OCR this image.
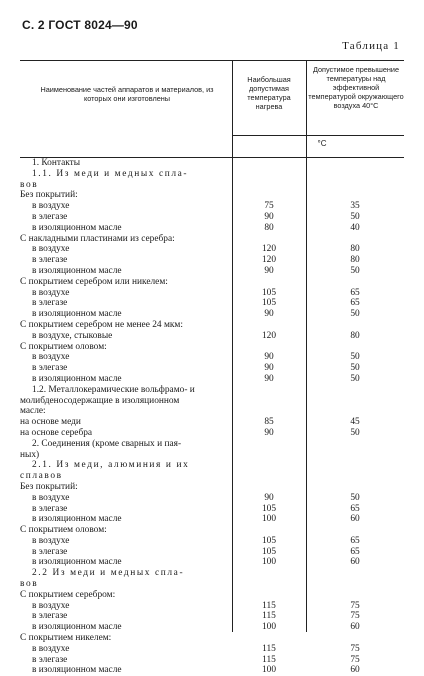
С. 2 ГОСТ 8024—90
Таблица 1
Наименование частей аппаратов и материалов, из которых они изготовлены
Наибольшая допустимая температура нагрева
Допустимое превышение температуры над эффективной температурой окружающего воздуха 40°С
°С
1. Контакты
1.1. Из меди и медных спла-
вов
Без покрытий:
в воздухе	75	35
в элегазе	90	50
в изоляционном масле	80	40
С накладными пластинами из серебра:
в воздухе	120	80
в элегазе	120	80
в изоляционном масле	90	50
С покрытием серебром или никелем:
в воздухе	105	65
в элегазе	105	65
в изоляционном масле	90	50
С покрытием серебром не менее 24 мкм:
в воздухе, стыковые	120	80
С покрытием оловом:
в воздухе	90	50
в элегазе	90	50
в изоляционном масле	90	50
1.2. Металлокерамические вольфрамо- и
молибденосодержащие в изоляционном
масле:
на основе меди	85	45
на основе серебра	90	50
2. Соединения (кроме сварных и пая-
ных)
2.1. Из меди, алюминия и их
сплавов
Без покрытий:
в воздухе	90	50
в элегазе	105	65
в изоляционном масле	100	60
С покрытием оловом:
в воздухе	105	65
в элегазе	105	65
в изоляционном масле	100	60
2.2 Из меди и медных спла-
вов
С покрытием серебром:
в воздухе	115	75
в элегазе	115	75
в изоляционном масле	100	60
С покрытием никелем:
в воздухе	115	75
в элегазе	115	75
в изоляционном масле	100	60
